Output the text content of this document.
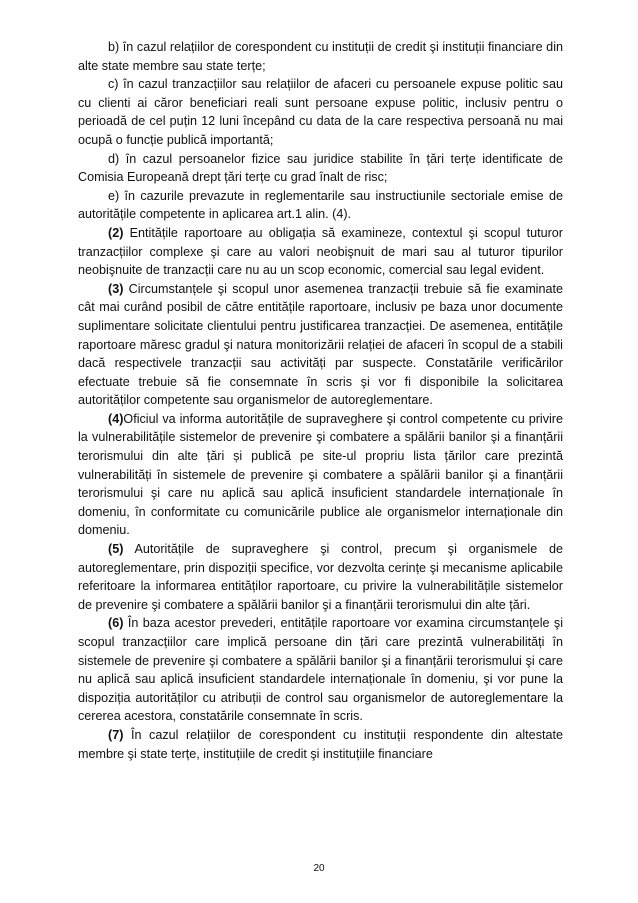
b) în cazul relațiilor de corespondent cu instituții de credit şi instituții financiare din alte state membre sau state terțe;

c) în cazul tranzacțiilor sau relațiilor de afaceri cu persoanele expuse politic sau cu clienti ai căror beneficiari reali sunt persoane expuse politic, inclusiv pentru o perioadă de cel puțin 12 luni începând cu data de la care respectiva persoană nu mai ocupă o funcție publică importantă;

d) în cazul persoanelor fizice sau juridice stabilite în țări terțe identificate de Comisia Europeană drept țări terțe cu grad înalt de risc;

e) în cazurile prevazute in reglementarile sau instructiunile sectoriale emise de autoritățile competente in aplicarea art.1 alin. (4).

(2) Entitățile raportoare au obligația să examineze, contextul şi scopul tuturor tranzacțiilor complexe şi care au valori neobişnuit de mari sau al tuturor tipurilor neobişnuite de tranzacții care nu au un scop economic, comercial sau legal evident.

(3) Circumstanțele şi scopul unor asemenea tranzacții trebuie să fie examinate cât mai curând posibil de către entitățile raportoare, inclusiv pe baza unor documente suplimentare solicitate clientului pentru justificarea tranzacției. De asemenea, entitățile raportoare măresc gradul şi natura monitorizării relației de afaceri în scopul de a stabili dacă respectivele tranzacții sau activități par suspecte. Constatările verificărilor efectuate trebuie să fie consemnate în scris şi vor fi disponibile la solicitarea autorităților competente sau organismelor de autoreglementare.

(4)Oficiul va informa autoritățile de supraveghere şi control competente cu privire la vulnerabilitățile sistemelor de prevenire şi combatere a spălării banilor şi a finanțării terorismului din alte țări și publică pe site-ul propriu lista țărilor care prezintă vulnerabilități în sistemele de prevenire şi combatere a spălării banilor şi a finanțării terorismului şi care nu aplică sau aplică insuficient standardele internaționale în domeniu, în conformitate cu comunicările publice ale organismelor internaționale din domeniu.

(5) Autoritățile de supraveghere şi control, precum şi organismele de autoreglementare, prin dispoziții specifice, vor dezvolta cerințe şi mecanisme aplicabile referitoare la informarea entităților raportoare, cu privire la vulnerabilitățile sistemelor de prevenire şi combatere a spălării banilor şi a finanțării terorismului din alte țări.

(6) În baza acestor prevederi, entitățile raportoare vor examina circumstanțele şi scopul tranzacțiilor care implică persoane din țări care prezintă vulnerabilități în sistemele de prevenire şi combatere a spălării banilor şi a finanțării terorismului şi care nu aplică sau aplică insuficient standardele internaționale în domeniu, şi vor pune la dispoziția autorităților cu atribuții de control sau organismelor de autoreglementare la cererea acestora, constatările consemnate în scris.

(7) În cazul relațiilor de corespondent cu instituții respondente din altestate membre şi state terțe, instituțiile de credit şi instituțiile financiare

20
